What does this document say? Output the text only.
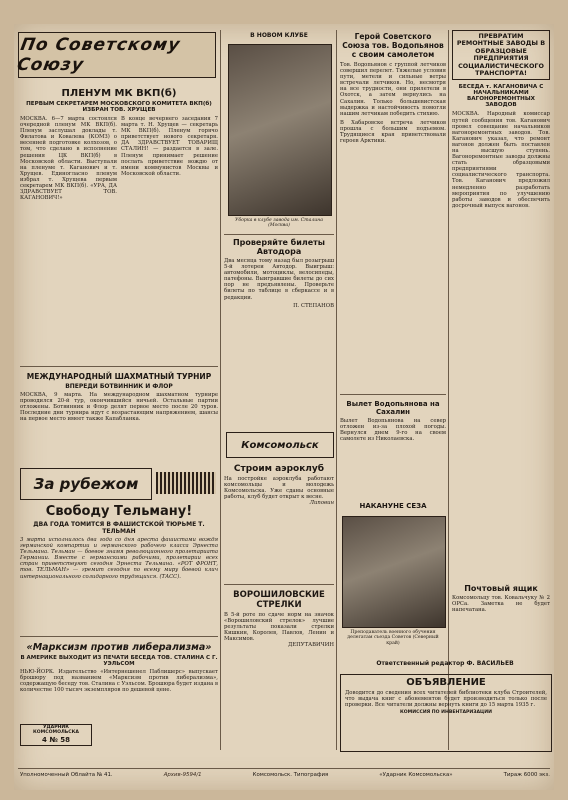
По Советскому Союзу

ПЛЕНУМ МК ВКП(б)

ПЕРВЫМ СЕКРЕТАРЕМ МОСКОВСКОГО КОМИТЕТА ВКП(б) ИЗБРАН ТОВ. ХРУЩЕВ

МОСКВА. 6—7 марта состоялся очередной пленум МК ВКП(б). Пленум заслушал доклады т. Филатова и Ковалева (КОМЗ) о весенней подготовке колхозов, о том, что сделано в исполнение решения ЦК ВКП(б) в Московской области. Выступали на пленуме т. Каганович и т. Хрущев. Единогласно пленум избрал т. Хрущева первым секретарем МК ВКП(б). «УРА, ДА ЗДРАВСТВУЕТ ТОВ. КАГАНОВИЧ!»

В конце вечернего заседания 7 марта т. Н. Хрущев — секретарь МК ВКП(б). Пленум горячо приветствует нового секретаря. ДА ЗДРАВСТВУЕТ ТОВАРИЩ СТАЛИН! — раздается в зале. Пленум принимает решение послать приветствие вождю от имени коммунистов Москвы и Московской области.

МЕЖДУНАРОДНЫЙ ШАХМАТНЫЙ ТУРНИР

ВПЕРЕДИ БОТВИННИК И ФЛОР

МОСКВА, 9 марта. На международном шахматном турнире проводился 20-й тур, окончившийся ничьей. Остальные партии отложены. Ботвинник и Флор делят первое место после 20 туров. Последние дни турнира идут с возрастающим напряжением, шансы на первое место имеет также Капабланка.

За рубежом

Свободу Тельману!

ДВА ГОДА ТОМИТСЯ В ФАШИСТСКОЙ ТЮРЬМЕ Т. ТЕЛЬМАН

3 марта исполнилось два года со дня ареста фашистами вождя германской компартии и германского рабочего класса Эрнеста Тельмана. Тельман — боевое знамя революционного пролетариата Германии. Вместе с германскими рабочими, пролетарии всех стран приветствуют сегодня Эрнеста Тельмана. «РОТ ФРОНТ, тов. ТЕЛЬМАН» — гремит сегодня по всему миру боевой клич интернационального солидарного трудящихся. (ТАСС).

«Марксизм против либерализма»

В АМЕРИКЕ ВЫХОДИТ ИЗ ПЕЧАТИ БЕСЕДА ТОВ. СТАЛИНА С Г. УЭЛЬСОМ

НЬЮ-ЙОРК. Издательство «Интернешенел Паблишерс» выпускает брошюру под названием «Марксизм против либерализма», содержащую беседу тов. Сталина с Уэльсом. Брошюра будет издана в количестве 100 тысяч экземпляров по дешевой цене.

УДАРНИК КОМСОМОЛЬСКА

4 № 58

В НОВОМ КЛУБЕ

Уборка в клубе завода им. Сталина (Москва)

Проверяйте билеты Автодора

Два месяца тому назад был розыгрыш 5-й лотереи Автодор. Выигрыш: автомобили, мотоциклы, велосипеды, патефоны. Выигравшие билеты до сих пор не предъявлены. Проверьте билеты по таблице в сберкассе и в редакции.

П. СТЕПАНОВ

Комсомольск

Строим аэроклуб

На постройке аэроклуба работают комсомольцы и молодежь Комсомольска. Уже сданы основные работы, клуб будет открыт к весне.

Липовин

ВОРОШИЛОВСКИЕ СТРЕЛКИ

В 5-й роте по сдаче норм на значок «Ворошиловский стрелок» лучшие результаты показали стрелки Кишкин, Королев, Павлов, Ленин и Максимов.

ДЕПУТАВИЧИН

Герой Советского Союза тов. Водопьянов с своим самолетом

Тов. Водопьянов с группой летчиков совершил перелет. Тяжелые условия пути, метели и сильные ветры встречали летчиков. Но, несмотря на все трудности, они прилетели в Охотск, а затем вернулись на Сахалин. Только большевистская выдержка и настойчивость помогли нашим летчикам победить стихию.

В Хабаровске встреча летчиков прошла с большим подъемом. Трудящиеся края приветствовали героев Арктики.

Вылет Водопьянова на Сахалин

Вылет Водопьянова на север отложен из-за плохой погоды. Вернулся днем 9-го на своем самолете из Николаевска.

НАКАНУНЕ СЕЗА

Преподаватель военного обучения делегатам съезда Советов (Северный край)

ПРЕВРАТИМ РЕМОНТНЫЕ ЗАВОДЫ В ОБРАЗЦОВЫЕ ПРЕДПРИЯТИЯ СОЦИАЛИСТИЧЕСКОГО ТРАНСПОРТА!

БЕСЕДА т. КАГАНОВИЧА С НАЧАЛЬНИКАМИ ВАГОНОРЕМОНТНЫХ ЗАВОДОВ

МОСКВА. Народный комиссар путей сообщения тов. Каганович провел совещание начальников вагоноремонтных заводов. Тов. Каганович указал, что ремонт вагонов должен быть поставлен на высшую ступень. Вагоноремонтные заводы должны стать образцовыми предприятиями социалистического транспорта. Тов. Каганович предложил немедленно разработать мероприятия по улучшению работы заводов и обеспечить досрочный выпуск вагонов.

Почтовый ящик

Комсомольцу тов. Ковальчуку № 2 ОРСа. Заметка не будет напечатана.

Ответственный редактор Ф. ВАСИЛЬЕВ

ОБЪЯВЛЕНИЕ

Доводится до сведения всех читателей библиотеки клуба Строителей, что выдача книг с абонементов будет производиться только после проверки. Все читатели должны вернуть книги до 15 марта 1935 г.

КОМИССИЯ ПО ИНВЕНТАРИЗАЦИИ

Уполномоченный Облайта № 41.	Архив-9594/1	Комсомольск. Типография	«Ударник Комсомольска»	Тираж 6000 экз.
